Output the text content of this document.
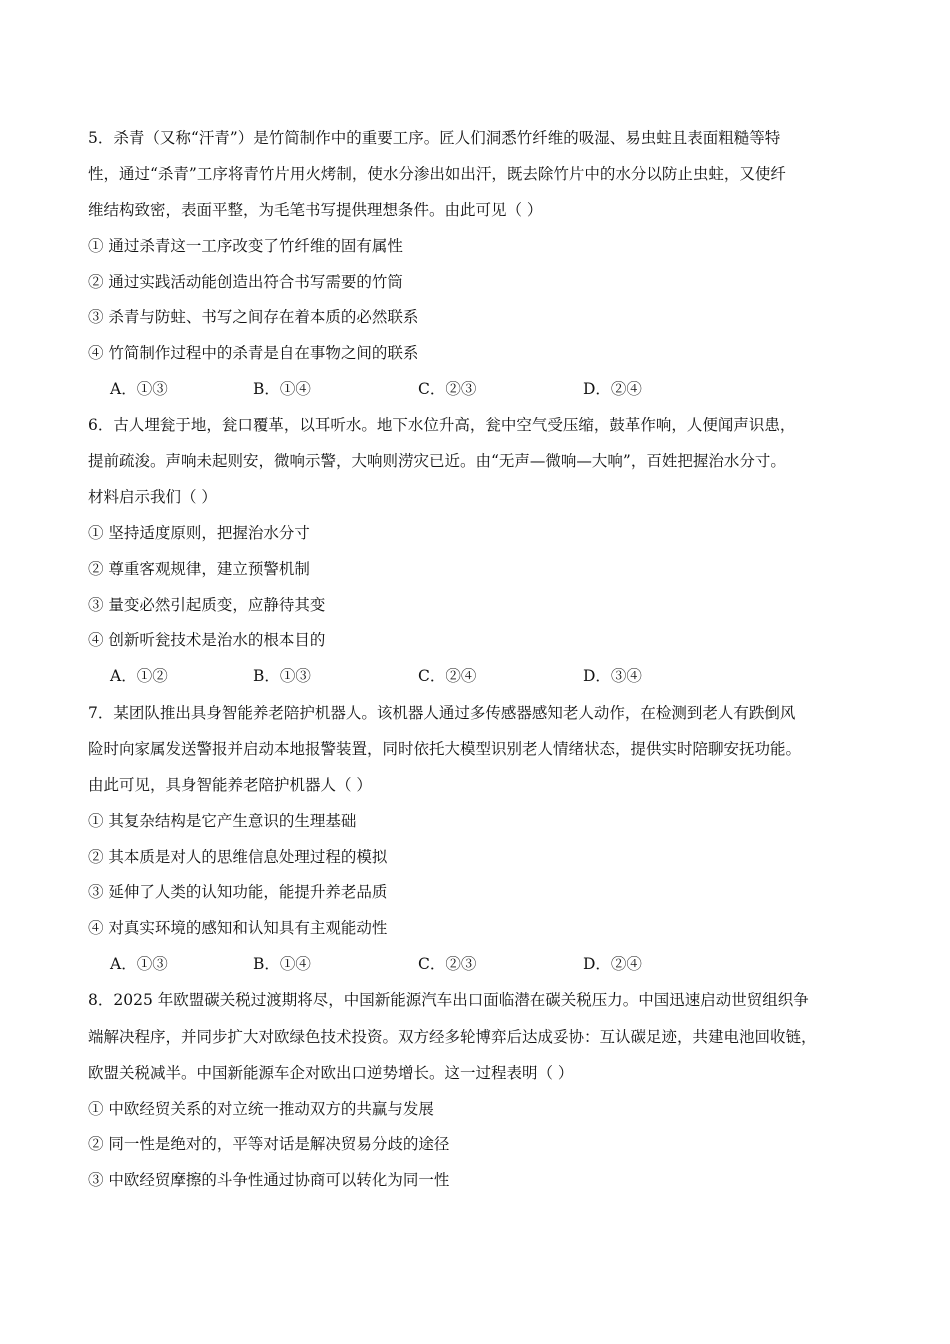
5．杀青（又称“汗青”）是竹简制作中的重要工序。匠人们洞悉竹纤维的吸湿、易虫蛀且表面粗糙等特
性，通过“杀青”工序将青竹片用火烤制，使水分渗出如出汗，既去除竹片中的水分以防止虫蛀，又使纤
维结构致密，表面平整，为毛笔书写提供理想条件。由此可见（ ）
① 通过杀青这一工序改变了竹纤维的固有属性
② 通过实践活动能创造出符合书写需要的竹筒
③ 杀青与防蛀、书写之间存在着本质的必然联系
④ 竹简制作过程中的杀青是自在事物之间的联系
A．①③	B．①④	C．②③	D．②④
6．古人埋瓮于地，瓮口覆革，以耳听水。地下水位升高，瓮中空气受压缩，鼓革作响，人便闻声识患，
提前疏浚。声响未起则安，微响示警，大响则涝灾已近。由“无声—微响—大响”，百姓把握治水分寸。
材料启示我们（ ）
① 坚持适度原则，把握治水分寸
② 尊重客观规律，建立预警机制
③ 量变必然引起质变，应静待其变
④ 创新听瓮技术是治水的根本目的
A．①②	B．①③	C．②④	D．③④
7．某团队推出具身智能养老陪护机器人。该机器人通过多传感器感知老人动作，在检测到老人有跌倒风
险时向家属发送警报并启动本地报警装置，同时依托大模型识别老人情绪状态，提供实时陪聊安抚功能。
由此可见，具身智能养老陪护机器人（ ）
① 其复杂结构是它产生意识的生理基础
② 其本质是对人的思维信息处理过程的模拟
③ 延伸了人类的认知功能，能提升养老品质
④ 对真实环境的感知和认知具有主观能动性
A．①③	B．①④	C．②③	D．②④
8．2025 年欧盟碳关税过渡期将尽，中国新能源汽车出口面临潜在碳关税压力。中国迅速启动世贸组织争
端解决程序，并同步扩大对欧绿色技术投资。双方经多轮博弈后达成妥协：互认碳足迹，共建电池回收链，
欧盟关税减半。中国新能源车企对欧出口逆势增长。这一过程表明（ ）
① 中欧经贸关系的对立统一推动双方的共赢与发展
② 同一性是绝对的，平等对话是解决贸易分歧的途径
③ 中欧经贸摩擦的斗争性通过协商可以转化为同一性
